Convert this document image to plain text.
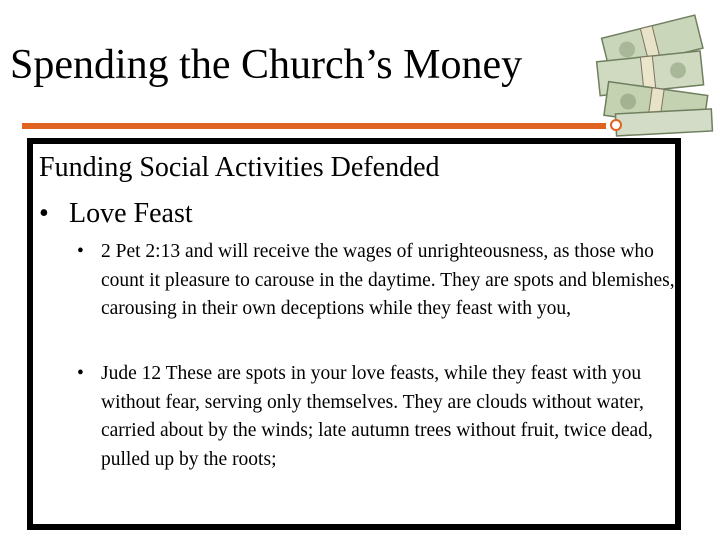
Spending the Church’s Money
Funding Social Activities Defended
• Love Feast
• 2 Pet 2:13 and will receive the wages of unrighteousness, as those who count it pleasure to carouse in the daytime. They are spots and blemishes, carousing in their own deceptions while they feast with you,
• Jude 12 These are spots in your love feasts, while they feast with you without fear, serving only themselves. They are clouds without water, carried about by the winds; late autumn trees without fruit, twice dead, pulled up by the roots;
